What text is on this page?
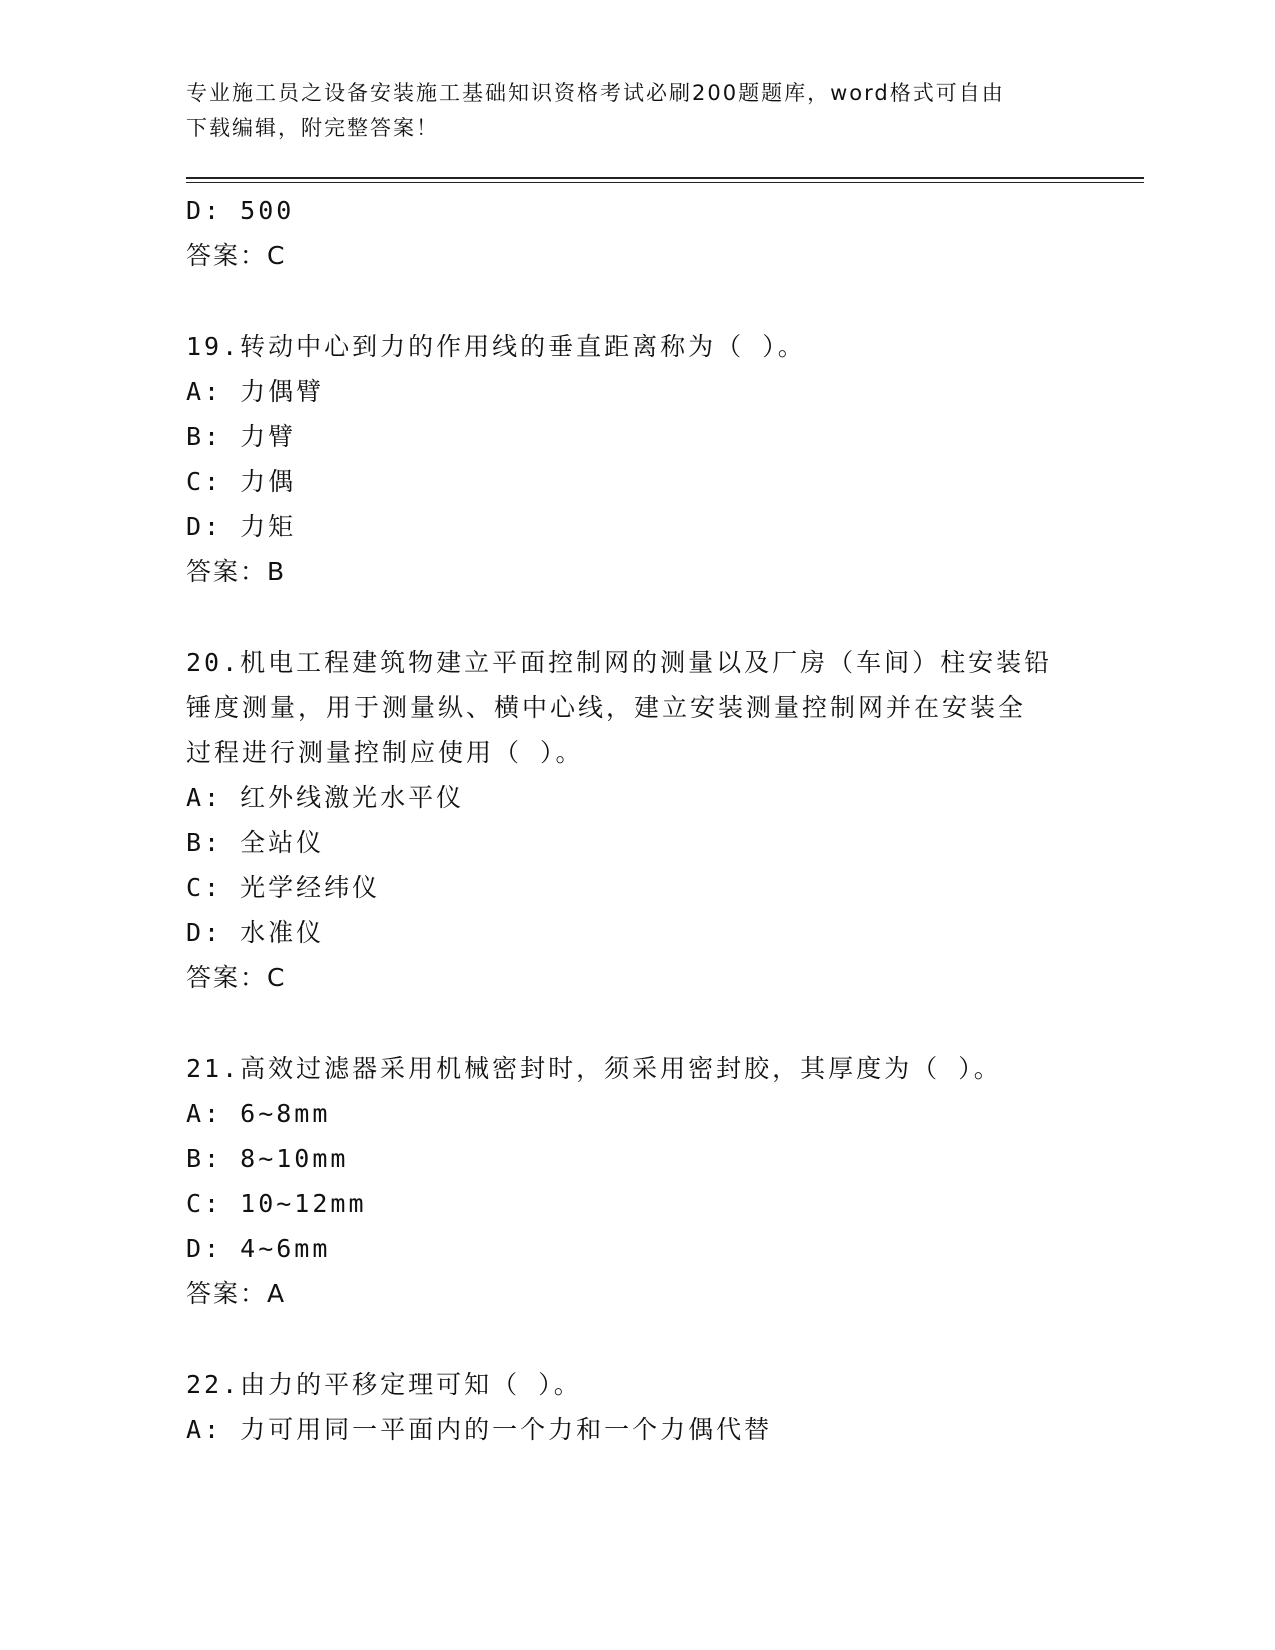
专业施工员之设备安装施工基础知识资格考试必刷200题题库，word格式可自由
下载编辑，附完整答案！
D: 500
答案：C
19.转动中心到力的作用线的垂直距离称为（ ）。
A: 力偶臂
B: 力臂
C: 力偶
D: 力矩
答案：B
20.机电工程建筑物建立平面控制网的测量以及厂房（车间）柱安装铅
锤度测量，用于测量纵、横中心线，建立安装测量控制网并在安装全
过程进行测量控制应使用（ ）。
A: 红外线激光水平仪
B: 全站仪
C: 光学经纬仪
D: 水准仪
答案：C
21.高效过滤器采用机械密封时，须采用密封胶，其厚度为（ ）。
A: 6~8mm
B: 8~10mm
C: 10~12mm
D: 4~6mm
答案：A
22.由力的平移定理可知（ ）。
A: 力可用同一平面内的一个力和一个力偶代替
